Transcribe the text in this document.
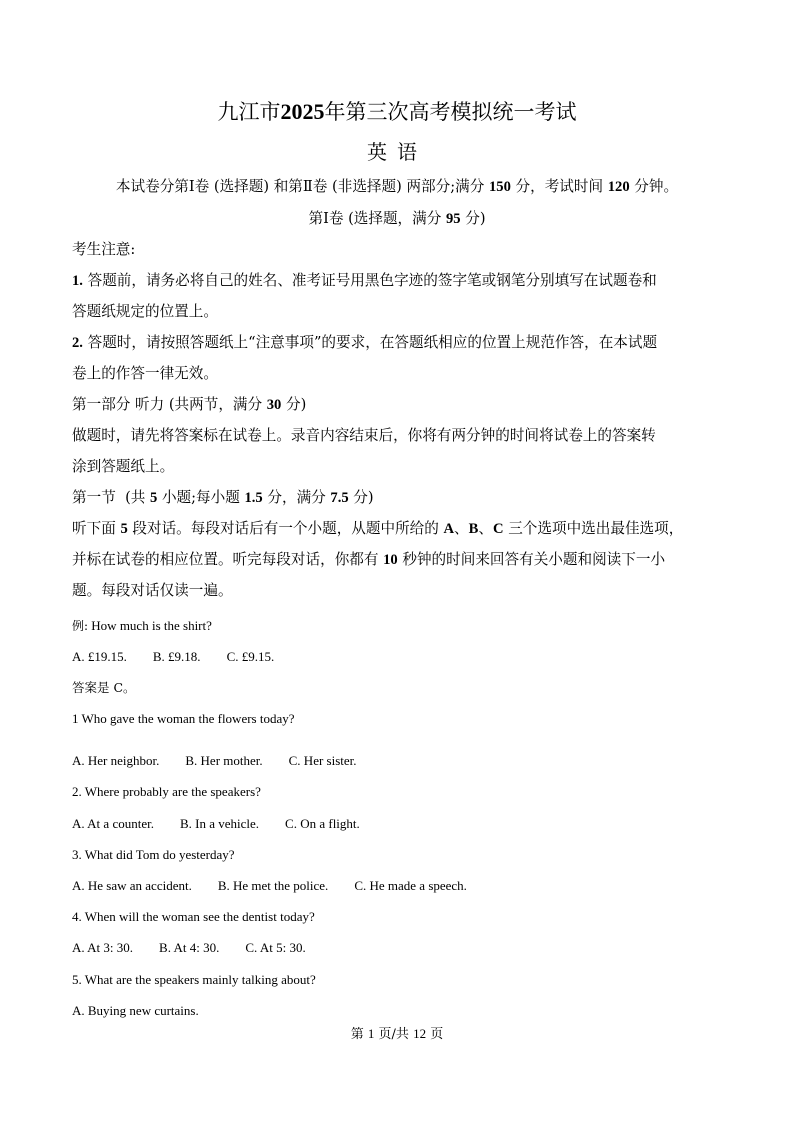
九江市2025年第三次高考模拟统一考试
英语
本试卷分第Ⅰ卷 (选择题) 和第Ⅱ卷 (非选择题) 两部分;满分 150 分，考试时间 120 分钟。
第Ⅰ卷 (选择题，满分 95 分)
考生注意:
1. 答题前，请务必将自己的姓名、准考证号用黑色字迹的签字笔或钢笔分别填写在试题卷和
答题纸规定的位置上。
2. 答题时，请按照答题纸上“注意事项”的要求，在答题纸相应的位置上规范作答，在本试题
卷上的作答一律无效。
第一部分 听力 (共两节，满分 30 分)
做题时，请先将答案标在试卷上。录音内容结束后，你将有两分钟的时间将试卷上的答案转
涂到答题纸上。
第一节 (共 5 小题;每小题 1.5 分，满分 7.5 分)
听下面 5 段对话。每段对话后有一个小题，从题中所给的 A、B、C 三个选项中选出最佳选项，
并标在试卷的相应位置。听完每段对话，你都有 10 秒钟的时间来回答有关小题和阅读下一小
题。每段对话仅读一遍。
例: How much is the shirt?
A. £19.15. B. £9.18. C. £9.15.
答案是 C。
1 Who gave the woman the flowers today?
A. Her neighbor. B. Her mother. C. Her sister.
2. Where probably are the speakers?
A. At a counter. B. In a vehicle. C. On a flight.
3. What did Tom do yesterday?
A. He saw an accident. B. He met the police. C. He made a speech.
4. When will the woman see the dentist today?
A. At 3: 30. B. At 4: 30. C. At 5: 30.
5. What are the speakers mainly talking about?
A. Buying new curtains.
第 1 页/共 12 页
